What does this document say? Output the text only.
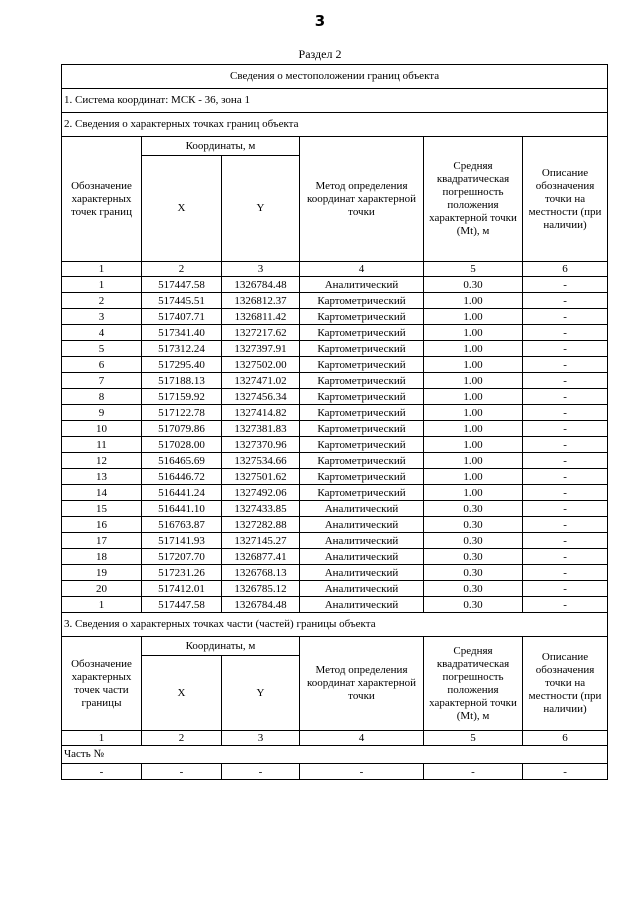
3
Раздел 2
Сведения о местоположении границ объекта					
1. Система координат: МСК - 36, зона 1					
2. Сведения о характерных точках границ объекта					
Обозначение характерных точек границ	Координаты, м		Метод определения координат характерной точки	Средняя квадратическая погрешность положения характерной точки (Mt), м	Описание обозначения точки на местности (при наличии)
	X	Y			
1	2	3	4	5	6
1	517447.58	1326784.48	Аналитический	0.30	-
2	517445.51	1326812.37	Картометрический	1.00	-
3	517407.71	1326811.42	Картометрический	1.00	-
4	517341.40	1327217.62	Картометрический	1.00	-
5	517312.24	1327397.91	Картометрический	1.00	-
6	517295.40	1327502.00	Картометрический	1.00	-
7	517188.13	1327471.02	Картометрический	1.00	-
8	517159.92	1327456.34	Картометрический	1.00	-
9	517122.78	1327414.82	Картометрический	1.00	-
10	517079.86	1327381.83	Картометрический	1.00	-
11	517028.00	1327370.96	Картометрический	1.00	-
12	516465.69	1327534.66	Картометрический	1.00	-
13	516446.72	1327501.62	Картометрический	1.00	-
14	516441.24	1327492.06	Картометрический	1.00	-
15	516441.10	1327433.85	Аналитический	0.30	-
16	516763.87	1327282.88	Аналитический	0.30	-
17	517141.93	1327145.27	Аналитический	0.30	-
18	517207.70	1326877.41	Аналитический	0.30	-
19	517231.26	1326768.13	Аналитический	0.30	-
20	517412.01	1326785.12	Аналитический	0.30	-
1	517447.58	1326784.48	Аналитический	0.30	-
3. Сведения о характерных точках части (частей) границы объекта					
Обозначение характерных точек части границы	Координаты, м		Метод определения координат характерной точки	Средняя квадратическая погрешность положения характерной точки (Mt), м	Описание обозначения точки на местности (при наличии)
	X	Y			
1	2	3	4	5	6
Часть №					
-	-	-	-	-	-
